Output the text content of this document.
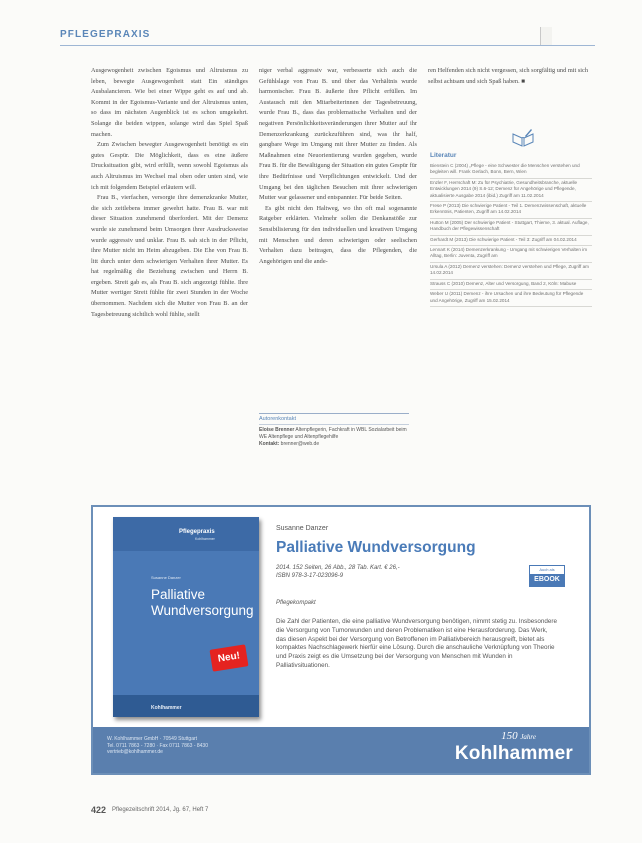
PFLEGEPRAXIS

Ausgewogenheit zwischen Egoismus und Altruismus zu leben, bewegte Ausgewogenheit statt Ein ständiges Ausbalancieren. Wie bei einer Wippe geht es auf und ab. Kommt in der Egoismus-Variante und der Altruismus unten, so dass im nächsten Augenblick ist es schon umgekehrt. Solange die beiden wippen, solange wird das Spiel Spaß machen.

Zum Zwischen bewegter Ausgewogenheit benötigt es ein gutes Gespür. Die Möglichkeit, dass es eine äußere Drucksituation gibt, wird erfüllt, wenn sowohl Egoismus als auch Altruismus im Wechsel mal oben oder unten sind, wie ich mit folgendem Beispiel erläutern will.

Frau B., vierfachen, versorgte ihre demenzkranke Mutter, die sich zeitlebens immer gewehrt hatte. Frau B. war mit dieser Situation zunehmend überfordert. Mit der Demenz wurde sie zunehmend beim Umsorgen ihrer Ausdrucksweise wurde aggressiv und unklar. Frau B. sah sich in der Pflicht, ihre Mutter nicht im Heim abzugeben. Die Ehe von Frau B. litt durch unter dem schwierigen Verhalten ihrer Mutter. Es hat regelmäßig die Beziehung zwischen und Herrn B. ergeben. Streit gab es, als Frau B. sich angezeigt fühlte. Ihre Mutter wertiger Streit fühlte für zwei Stunden in der Woche übernommen. Nachdem sich die Mutter von Frau B. an der Tagesbetreuung sichtlich wohl fühlte, stellt

niger verbal aggressiv war, verbesserte sich auch die Gefühlslage von Frau B. und über das Verhältnis wurde harmonischer. Frau B. äußerte ihre Pflicht erfüllen. Im Austausch mit den Mitarbeiterinnen der Tagesbetreuung, wurde Frau B., dass das problematische Verhalten und der negativen Persönlichkeitsveränderungen ihrer Mutter auf ihr Demenzerkrankung zurückzuführen sind, was ihr half, gangbare Wege im Umgang mit ihrer Mutter zu finden. Als Maßnahmen eine Neuorientierung wurden gegeben, wurde Frau B. für die Bewältigung der Situation ein gutes Gespür für ihre Bedürfnisse und Verpflichtungen entwickelt. Und der Umgang bei den täglichen Besuchen mit ihrer schwierigen Mutter war gelassener und entspannter. Für beide Seiten.

Es gibt nicht den Haltweg, wo ihn oft mal sogenannte Ratgeber erklärten. Vielmehr sollen die Denkanstöße zur Sensibilisierung für den individuellen und kreativen Umgang mit Menschen und deren schwierigen oder seelischen Verhalten dazu beitragen, dass die Pflegenden, die Angehörigen und die ande-

ren Helfenden sich nicht vergessen, sich sorgfältig und mit sich selbst achtsam und sich Spaß haben. ■

Literatur
Bienstein C (2004) „Pflege - eine Schwester die Menschen verstehen und begleiten will. Frank Gerlach, Bonn, Bern, Wien
Enzler F, Herrschaft M: Zu für Psychiatrie, Gesundheitsbranche, aktuelle Entwicklungen 2014 (9) S.6-12; Demenz für Angehörige und Pflegende, aktualisierte Ausgabe 2014 (ibid.) Zugriff am 11.02.2014
Frese P (2013) Die schwierige Patient - Teil 1. Demenzwissenschaft, aktuelle Erkenntnis, Patienten, Zugriff am 14.02.2014
Hutton M (2005) Der schwierige Patient - Stuttgart, Thieme, 3. aktual. Auflage, Handbuch der Pflegewissenschaft
Gerhardt M (2013) Die schwierige Patient - Teil 3: Zugriff am 04.02.2014
Lennart K (2014) Demenzerkrankung - Umgang mit schwierigen Verhalten im Alltag, Berlin: Juventa, Zugriff am
Ursula A (2012) Demenz verstehen: Demenz verstehen und Pflege, Zugriff am 14.02.2014
Strauss C (2010) Demenz, Alter und Versorgung, Band 2, Köln: Mabuse
Weber U (2011) Demenz - ihre Ursachen und ihre Bedeutung für Pflegende und Angehörige, Zugriff am 15.02.2014
Autorenkontakt
Eloise Brenner Altenpflegerin, Fachkraft in WBL Sozialarbeit beim WE Altenpflege und Altenpflegehilfe
Kontakt: brenner@web.de
Pflegepraxis
Kohlhammer
Susanne Danzer
Palliative
Wundversorgung
Neu!
Kohlhammer
Susanne Danzer
Palliative Wundversorgung
2014. 152 Seiten, 26 Abb., 28 Tab. Kart. € 26,-
ISBN 978-3-17-023096-9
Auch als
EBOOK
Pflegekompakt
Die Zahl der Patienten, die eine palliative Wundversorgung benötigen, nimmt stetig zu. Insbesondere die Versorgung von Tumorwunden und deren Problematiken ist eine Herausforderung. Das Werk, das diesen Aspekt bei der Versorgung von Betroffenen im Palliativbereich herausgreift, bietet als kompaktes Nachschlagewerk hierfür eine Lösung. Durch die anschauliche Verknüpfung von Theorie und Praxis zeigt es die Umsetzung bei der Versorgung von Menschen mit Wunden in Palliativsituationen.
W. Kohlhammer GmbH · 70549 Stuttgart
Tel. 0711 7863 - 7280 · Fax 0711 7863 - 8430
vertrieb@kohlhammer.de
150 Jahre
Kohlhammer
422 Pflegezeitschrift 2014, Jg. 67, Heft 7
